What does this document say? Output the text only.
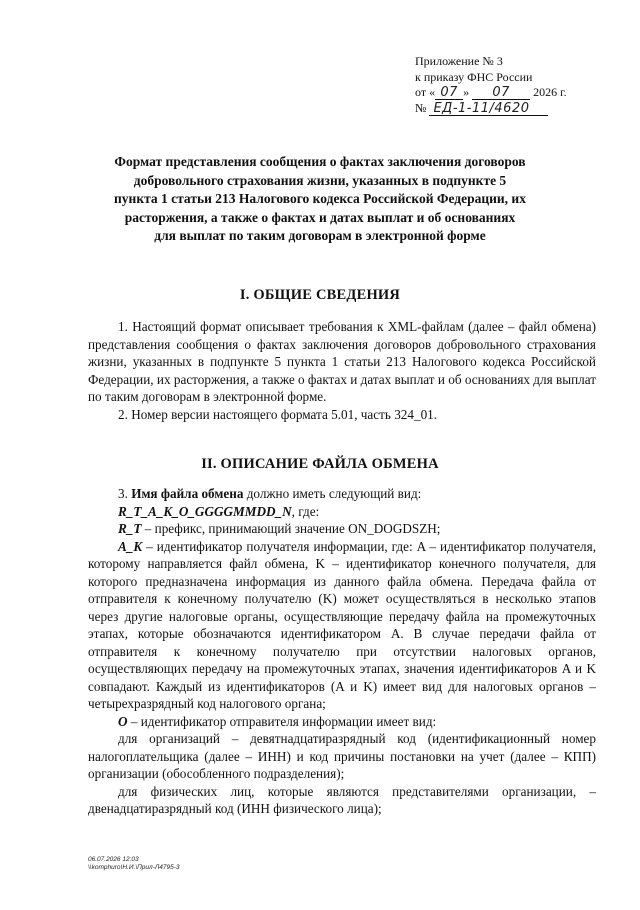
Приложение № 3
к приказу ФНС России
от « 07 » 07 2026 г.
№ ЕД-1-11/4620
Формат представления сообщения о фактах заключения договоров
добровольного страхования жизни, указанных в подпункте 5
пункта 1 статьи 213 Налогового кодекса Российской Федерации, их
расторжения, а также о фактах и датах выплат и об основаниях
для выплат по таким договорам в электронной форме
I. ОБЩИЕ СВЕДЕНИЯ

1. Настоящий формат описывает требования к XML-файлам (далее – файл обмена) представления сообщения о фактах заключения договоров добровольного страхования жизни, указанных в подпункте 5 пункта 1 статьи 213 Налогового кодекса Российской Федерации, их расторжения, а также о фактах и датах выплат и об основаниях для выплат по таким договорам в электронной форме.

2. Номер версии настоящего формата 5.01, часть 324_01.

II. ОПИСАНИЕ ФАЙЛА ОБМЕНА

3. Имя файла обмена должно иметь следующий вид:

R_T_A_K_O_GGGGMMDD_N, где:

R_T – префикс, принимающий значение ON_DOGDSZH;

A_K – идентификатор получателя информации, где: A – идентификатор получателя, которому направляется файл обмена, K – идентификатор конечного получателя, для которого предназначена информация из данного файла обмена. Передача файла от отправителя к конечному получателю (K) может осуществляться в несколько этапов через другие налоговые органы, осуществляющие передачу файла на промежуточных этапах, которые обозначаются идентификатором A. В случае передачи файла от отправителя к конечному получателю при отсутствии налоговых органов, осуществляющих передачу на промежуточных этапах, значения идентификаторов A и K совпадают. Каждый из идентификаторов (A и K) имеет вид для налоговых органов – четырехразрядный код налогового органа;

O – идентификатор отправителя информации имеет вид:

для организаций – девятнадцатиразрядный код (идентификационный номер налогоплательщика (далее – ИНН) и код причины постановки на учет (далее – КПП) организации (обособленного подразделения);

для физических лиц, которые являются представителями организации, – двенадцатиразрядный код (ИНН физического лица);

06.07.2026 12:03
\\komphuro\Н.И.\Прил-Л4795-3
